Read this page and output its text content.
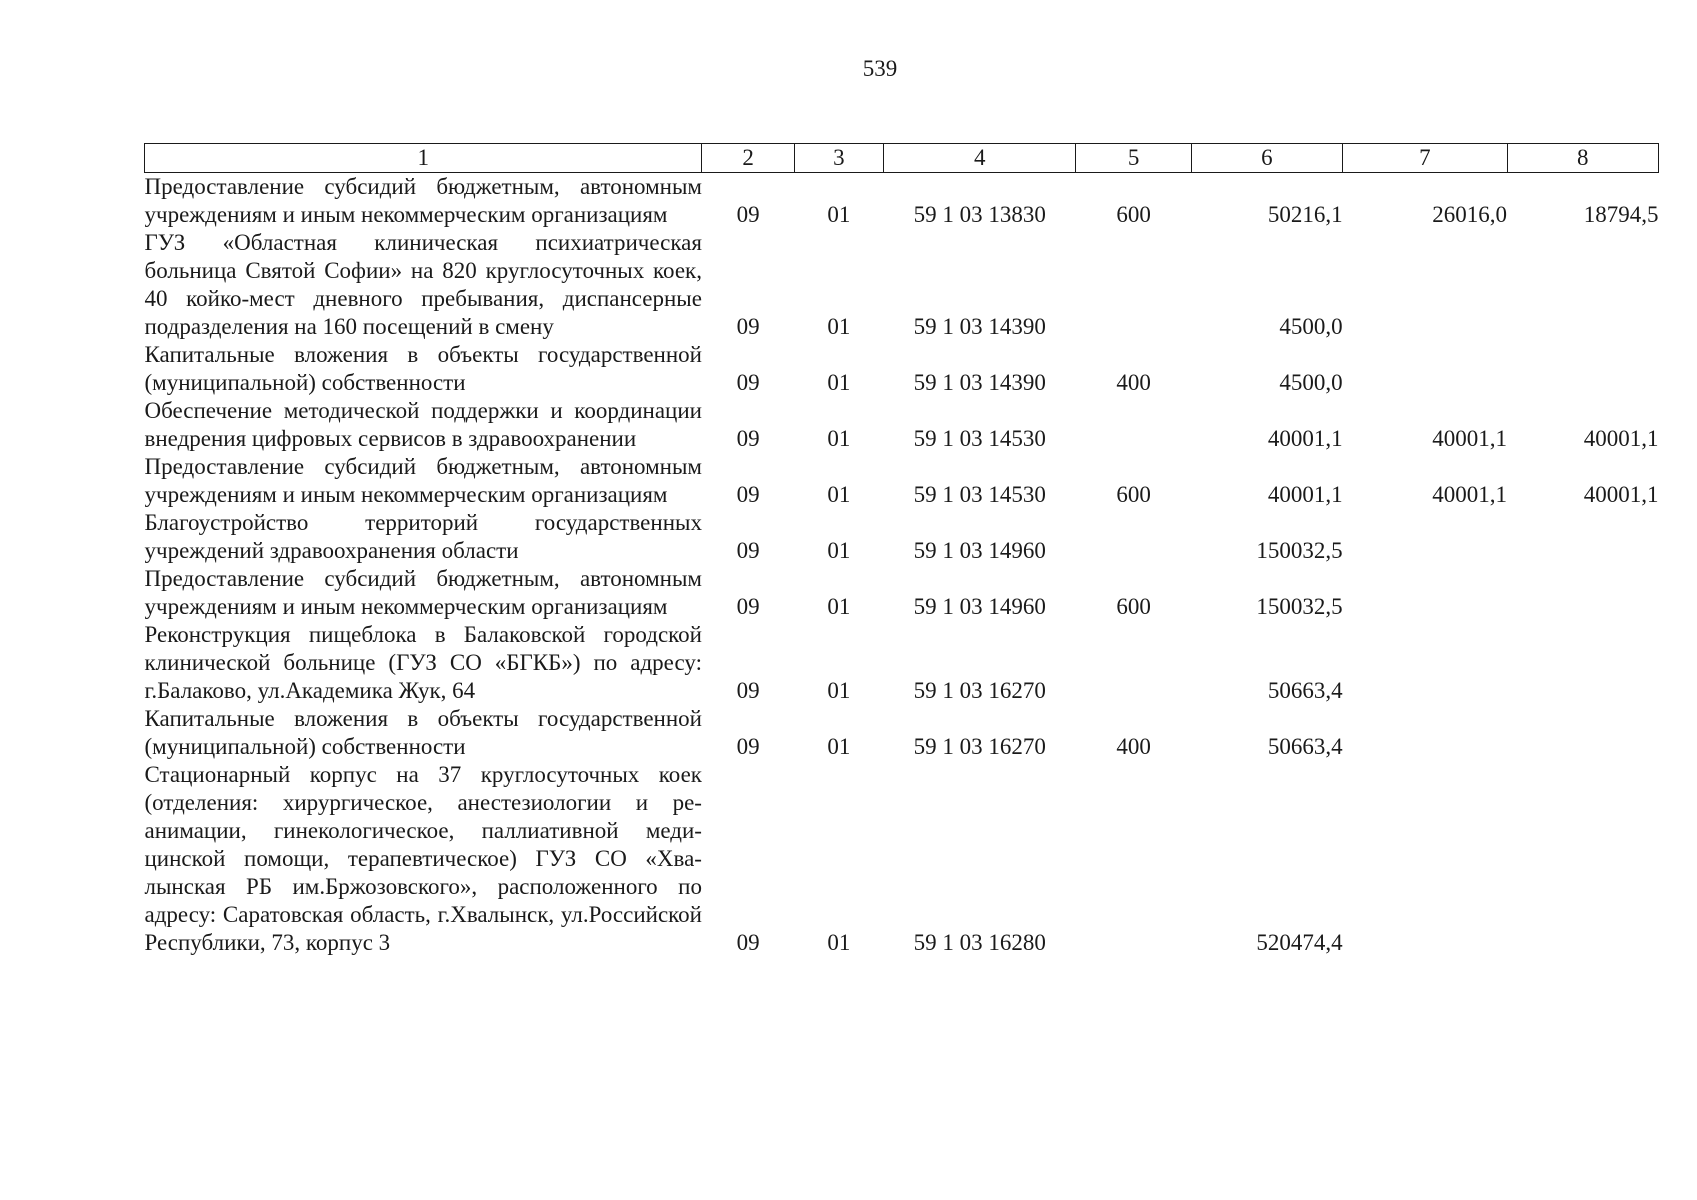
539
1	2	3	4	5	6	7	8
Предоставление субсидий бюджетным, автономным учреждениям и иным некоммерческим организациям	09	01	59 1 03 13830	600	50216,1	26016,0	18794,5
ГУЗ «Областная клиническая психиатрическая больница Святой Софии» на 820 круглосуточных коек, 40 койко-мест дневного пребывания, диспансерные подразделения на 160 посещений в смену	09	01	59 1 03 14390		4500,0		
Капитальные вложения в объекты государственной (муниципальной) собственности	09	01	59 1 03 14390	400	4500,0		
Обеспечение методической поддержки и координации внедрения цифровых сервисов в здравоохранении	09	01	59 1 03 14530		40001,1	40001,1	40001,1
Предоставление субсидий бюджетным, автономным учреждениям и иным некоммерческим организациям	09	01	59 1 03 14530	600	40001,1	40001,1	40001,1
Благоустройство территорий государственных учреждений здравоохранения области	09	01	59 1 03 14960		150032,5		
Предоставление субсидий бюджетным, автономным учреждениям и иным некоммерческим организациям	09	01	59 1 03 14960	600	150032,5		
Реконструкция пищеблока в Балаковской городской клинической больнице (ГУЗ СО «БГКБ») по адресу: г.Балаково, ул.Академика Жук, 64	09	01	59 1 03 16270		50663,4		
Капитальные вложения в объекты государственной (муниципальной) собственности	09	01	59 1 03 16270	400	50663,4		
Стационарный корпус на 37 круглосуточных коек (отделения: хирургическое, анестезиологии и реанимации, гинекологическое, паллиативной медицинской помощи, терапевтическое) ГУЗ СО «Хвалынская РБ им.Бржозовского», расположенного по адресу: Саратовская область, г.Хвалынск, ул.Российской Республики, 73, корпус 3	09	01	59 1 03 16280		520474,4		
